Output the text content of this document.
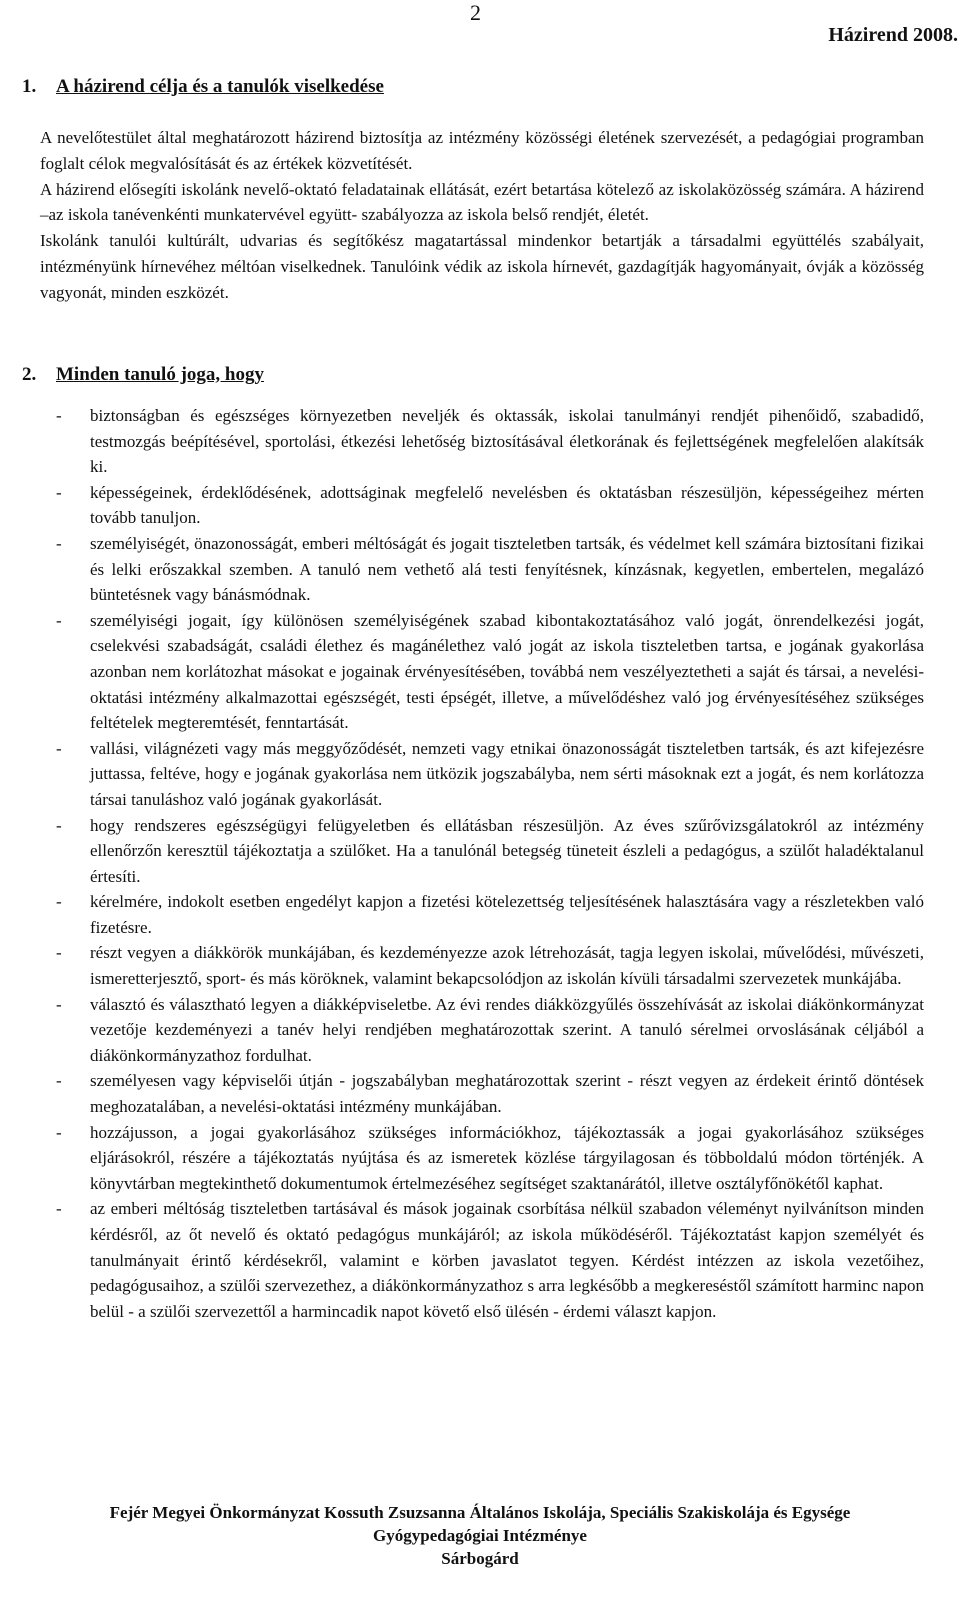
2
Házirend 2008.
1. A házirend célja és a tanulók viselkedése

A nevelőtestület által meghatározott házirend biztosítja az intézmény közösségi életének szervezését, a pedagógiai programban foglalt célok megvalósítását és az értékek közvetítését.

A házirend elősegíti iskolánk nevelő-oktató feladatainak ellátását, ezért betartása kötelező az iskolaközösség számára. A házirend –az iskola tanévenkénti munkatervével együtt- szabályozza az iskola belső rendjét, életét.

Iskolánk tanulói kultúrált, udvarias és segítőkész magatartással mindenkor betartják a társadalmi együttélés szabályait, intézményünk hírnevéhez méltóan viselkednek. Tanulóink védik az iskola hírnevét, gazdagítják hagyományait, óvják a közösség vagyonát, minden eszközét.

2. Minden tanuló joga, hogy
- biztonságban és egészséges környezetben neveljék és oktassák, iskolai tanulmányi rendjét pihenőidő, szabadidő, testmozgás beépítésével, sportolási, étkezési lehetőség biztosításával életkorának és fejlettségének megfelelően alakítsák ki.
- képességeinek, érdeklődésének, adottságinak megfelelő nevelésben és oktatásban részesüljön, képességeihez mérten tovább tanuljon.
- személyiségét, önazonosságát, emberi méltóságát és jogait tiszteletben tartsák, és védelmet kell számára biztosítani fizikai és lelki erőszakkal szemben. A tanuló nem vethető alá testi fenyítésnek, kínzásnak, kegyetlen, embertelen, megalázó büntetésnek vagy bánásmódnak.
- személyiségi jogait, így különösen személyiségének szabad kibontakoztatásához való jogát, önrendelkezési jogát, cselekvési szabadságát, családi élethez és magánélethez való jogát az iskola tiszteletben tartsa, e jogának gyakorlása azonban nem korlátozhat másokat e jogainak érvényesítésében, továbbá nem veszélyeztetheti a saját és társai, a nevelési-oktatási intézmény alkalmazottai egészségét, testi épségét, illetve, a művelődéshez való jog érvényesítéséhez szükséges feltételek megteremtését, fenntartását.
- vallási, világnézeti vagy más meggyőződését, nemzeti vagy etnikai önazonosságát tiszteletben tartsák, és azt kifejezésre juttassa, feltéve, hogy e jogának gyakorlása nem ütközik jogszabályba, nem sérti másoknak ezt a jogát, és nem korlátozza társai tanuláshoz való jogának gyakorlását.
- hogy rendszeres egészségügyi felügyeletben és ellátásban részesüljön. Az éves szűrővizsgálatokról az intézmény ellenőrzőn keresztül tájékoztatja a szülőket. Ha a tanulónál betegség tüneteit észleli a pedagógus, a szülőt haladéktalanul értesíti.
- kérelmére, indokolt esetben engedélyt kapjon a fizetési kötelezettség teljesítésének halasztására vagy a részletekben való fizetésre.
- részt vegyen a diákkörök munkájában, és kezdeményezze azok létrehozását, tagja legyen iskolai, művelődési, művészeti, ismeretterjesztő, sport- és más köröknek, valamint bekapcsolódjon az iskolán kívüli társadalmi szervezetek munkájába.
- választó és választható legyen a diákképviseletbe. Az évi rendes diákközgyűlés összehívását az iskolai diákönkormányzat vezetője kezdeményezi a tanév helyi rendjében meghatározottak szerint. A tanuló sérelmei orvoslásának céljából a diákönkormányzathoz fordulhat.
- személyesen vagy képviselői útján - jogszabályban meghatározottak szerint - részt vegyen az érdekeit érintő döntések meghozatalában, a nevelési-oktatási intézmény munkájában.
- hozzájusson, a jogai gyakorlásához szükséges információkhoz, tájékoztassák a jogai gyakorlásához szükséges eljárásokról, részére a tájékoztatás nyújtása és az ismeretek közlése tárgyilagosan és többoldalú módon történjék. A könyvtárban megtekinthető dokumentumok értelmezéséhez segítséget szaktanárától, illetve osztályfőnökétől kaphat.
- az emberi méltóság tiszteletben tartásával és mások jogainak csorbítása nélkül szabadon véleményt nyilvánítson minden kérdésről, az őt nevelő és oktató pedagógus munkájáról; az iskola működéséről. Tájékoztatást kapjon személyét és tanulmányait érintő kérdésekről, valamint e körben javaslatot tegyen. Kérdést intézzen az iskola vezetőihez, pedagógusaihoz, a szülői szervezethez, a diákönkormányzathoz s arra legkésőbb a megkereséstől számított harminc napon belül - a szülői szervezettől a harmincadik napot követő első ülésén - érdemi választ kapjon.
Fejér Megyei Önkormányzat Kossuth Zsuzsanna Általános Iskolája, Speciális Szakiskolája és Egysége
Gyógypedagógiai Intézménye
Sárbogárd
